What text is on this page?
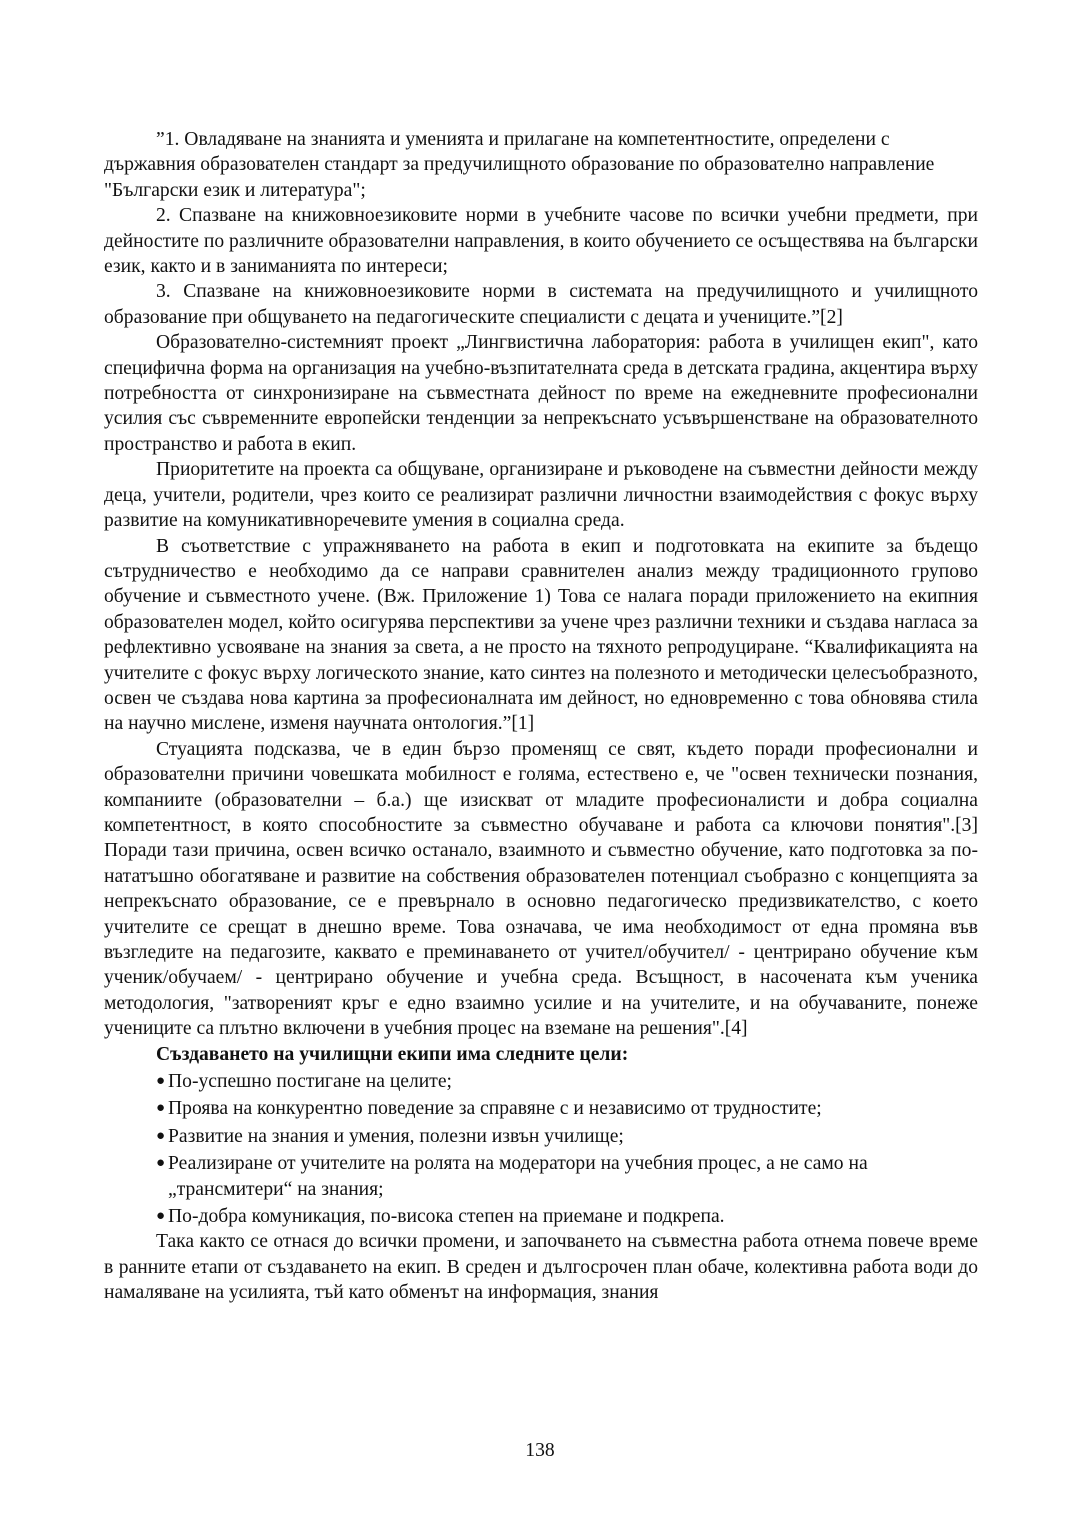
”1. Овладяване на знанията и уменията и прилагане на компетентностите, определени с държавния образователен стандарт за предучилищното образование по образователно направление "Български език и литература";

2. Спазване на книжовноезиковите норми в учебните часове по всички учебни предмети, при дейностите по различните образователни направления, в които обучението се осъществява на български език, както и в заниманията по интереси;

3. Спазване на книжовноезиковите норми в системата на предучилищното и училищното образование при общуването на педагогическите специалисти с децата и учениците.”[2]

Образователно-системният проект „Лингвистична лаборатория: работа в училищен екип", като специфична форма на организация на учебно-възпитателната среда в детската градина, акцентира върху потребността от синхронизиране на съвместната дейност по време на ежедневните професионални усилия със съвременните европейски тенденции за непрекъснато усъвършенстване на образователното пространство и работа в екип.

Приоритетите на проекта са общуване, организиране и ръководене на съвместни дейности между деца, учители, родители, чрез които се реализират различни личностни взаимодействия с фокус върху развитие на комуникативноречевите умения в социална среда.

В съответствие с упражняването на работа в екип и подготовката на екипите за бъдещо сътрудничество е необходимо да се направи сравнителен анализ между традиционното групово обучение и съвместното учене. (Вж. Приложение 1) Това се налага поради приложението на екипния образователен модел, който осигурява перспективи за учене чрез различни техники и създава нагласа за рефлективно усвояване на знания за света, а не просто на тяхното репродуциране. “Квалификацията на учителите с фокус върху логическото знание, като синтез на полезното и методически целесъобразното, освен че създава нова картина за професионалната им дейност, но едновременно с това обновява стила на научно мислене, изменя научната онтология.”[1]

Стуацията подсказва, че в един бързо променящ се свят, където поради професионални и образователни причини човешката мобилност е голяма, естествено е, че "освен технически познания, компаниите (образователни – б.а.) ще изискват от младите професионалисти и добра социална компетентност, в която способностите за съвместно обучаване и работа са ключови понятия".[3] Поради тази причина, освен всичко останало, взаимното и съвместно обучение, като подготовка за по-нататъшно обогатяване и развитие на собствения образователен потенциал съобразно с концепцията за непрекъснато образование, се е превърнало в основно педагогическо предизвикателство, с което учителите се срещат в днешно време. Това означава, че има необходимост от една промяна във възгледите на педагозите, каквато е преминаването от учител/обучител/ - центрирано обучение към ученик/обучаем/ - центрирано обучение и учебна среда. Всъщност, в насочената към ученика методология, "затвореният кръг е едно взаимно усилие и на учителите, и на обучаваните, понеже учениците са плътно включени в учебния процес на вземане на решения".[4]

Създаването на училищни екипи има следните цели:

● По-успешно постигане на целите;
● Проява на конкурентно поведение за справяне с и независимо от трудностите;
● Развитие на знания и умения, полезни извън училище;
● Реализиране от учителите на ролята на модератори на учебния процес, а не само на „трансмитери“ на знания;
● По-добра комуникация, по-висока степен на приемане и подкрепа.

Така както се отнася до всички промени, и започването на съвместна работа отнема повече време в ранните етапи от създаването на екип. В среден и дългосрочен план обаче, колективна работа води до намаляване на усилията, тъй като обменът на информация, знания

138
